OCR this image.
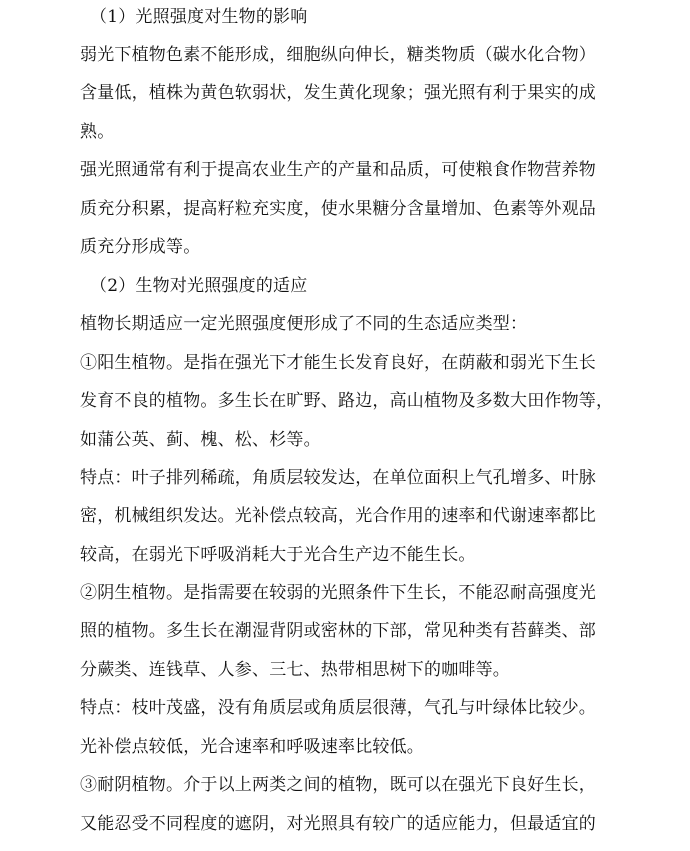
（1）光照强度对生物的影响
弱光下植物色素不能形成，细胞纵向伸长，糖类物质（碳水化合物）
含量低，植株为黄色软弱状，发生黄化现象；强光照有利于果实的成
熟。
强光照通常有利于提高农业生产的产量和品质，可使粮食作物营养物
质充分积累，提高籽粒充实度，使水果糖分含量增加、色素等外观品
质充分形成等。
（2）生物对光照强度的适应
植物长期适应一定光照强度便形成了不同的生态适应类型：
①阳生植物。是指在强光下才能生长发育良好，在荫蔽和弱光下生长
发育不良的植物。多生长在旷野、路边，高山植物及多数大田作物等，
如蒲公英、蓟、槐、松、杉等。
特点：叶子排列稀疏，角质层较发达，在单位面积上气孔增多、叶脉
密，机械组织发达。光补偿点较高，光合作用的速率和代谢速率都比
较高，在弱光下呼吸消耗大于光合生产边不能生长。
②阴生植物。是指需要在较弱的光照条件下生长，不能忍耐高强度光
照的植物。多生长在潮湿背阴或密林的下部，常见种类有苔藓类、部
分蕨类、连钱草、人参、三七、热带相思树下的咖啡等。
特点：枝叶茂盛，没有角质层或角质层很薄，气孔与叶绿体比较少。
光补偿点较低，光合速率和呼吸速率比较低。
③耐阴植物。介于以上两类之间的植物，既可以在强光下良好生长，
又能忍受不同程度的遮阴，对光照具有较广的适应能力，但最适宜的
